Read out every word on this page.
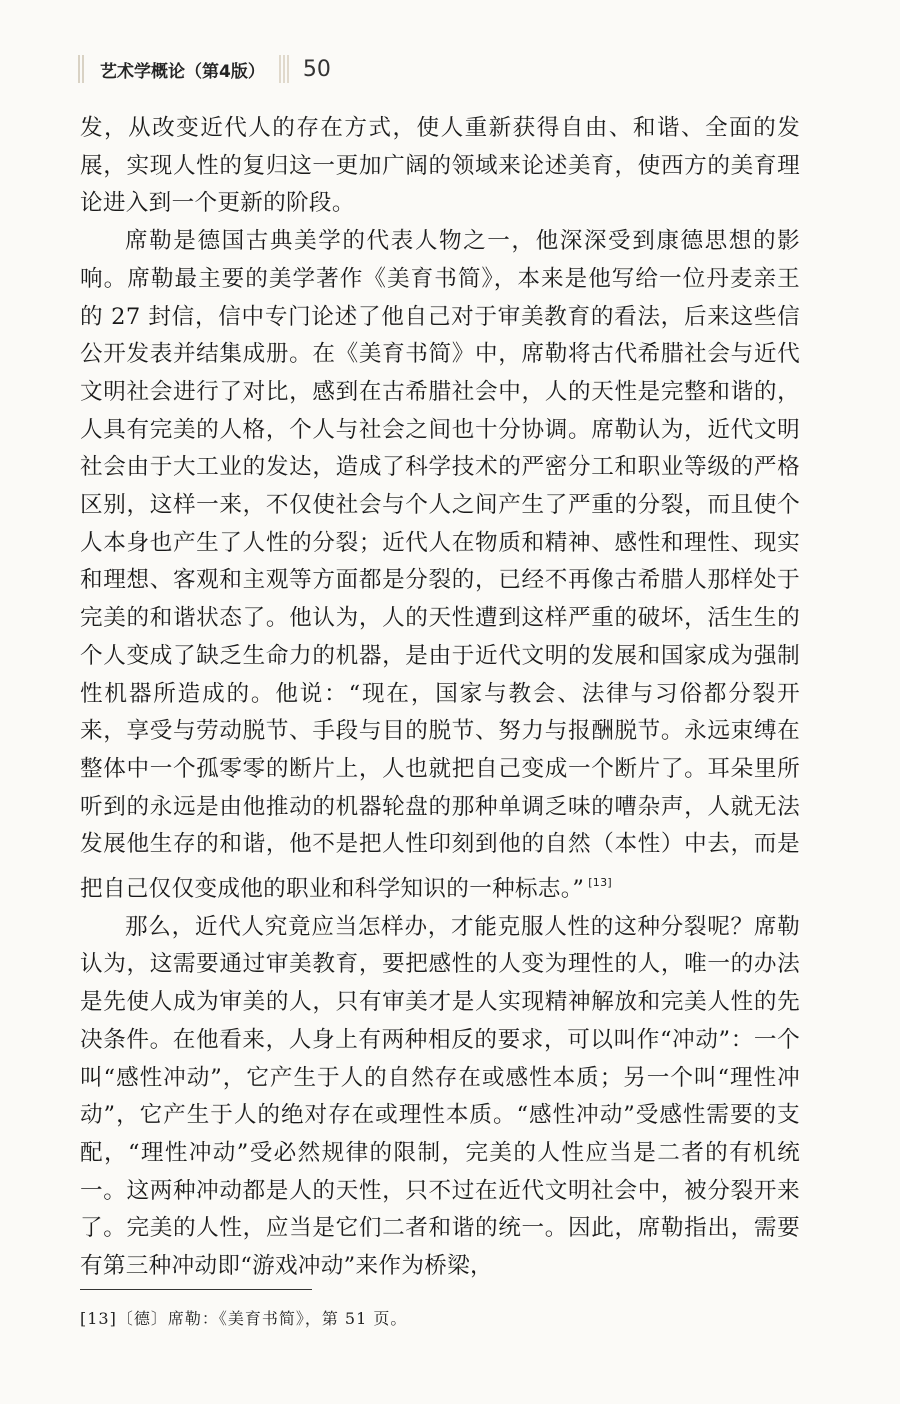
艺术学概论（第4版） 50

发，从改变近代人的存在方式，使人重新获得自由、和谐、全面的发展，实现人性的复归这一更加广阔的领域来论述美育，使西方的美育理论进入到一个更新的阶段。

席勒是德国古典美学的代表人物之一，他深深受到康德思想的影响。席勒最主要的美学著作《美育书简》，本来是他写给一位丹麦亲王的 27 封信，信中专门论述了他自己对于审美教育的看法，后来这些信公开发表并结集成册。在《美育书简》中，席勒将古代希腊社会与近代文明社会进行了对比，感到在古希腊社会中，人的天性是完整和谐的，人具有完美的人格，个人与社会之间也十分协调。席勒认为，近代文明社会由于大工业的发达，造成了科学技术的严密分工和职业等级的严格区别，这样一来，不仅使社会与个人之间产生了严重的分裂，而且使个人本身也产生了人性的分裂；近代人在物质和精神、感性和理性、现实和理想、客观和主观等方面都是分裂的，已经不再像古希腊人那样处于完美的和谐状态了。他认为，人的天性遭到这样严重的破坏，活生生的个人变成了缺乏生命力的机器，是由于近代文明的发展和国家成为强制性机器所造成的。他说：“现在，国家与教会、法律与习俗都分裂开来，享受与劳动脱节、手段与目的脱节、努力与报酬脱节。永远束缚在整体中一个孤零零的断片上，人也就把自己变成一个断片了。耳朵里所听到的永远是由他推动的机器轮盘的那种单调乏味的嘈杂声，人就无法发展他生存的和谐，他不是把人性印刻到他的自然（本性）中去，而是把自己仅仅变成他的职业和科学知识的一种标志。” [13]

那么，近代人究竟应当怎样办，才能克服人性的这种分裂呢？席勒认为，这需要通过审美教育，要把感性的人变为理性的人，唯一的办法是先使人成为审美的人，只有审美才是人实现精神解放和完美人性的先决条件。在他看来，人身上有两种相反的要求，可以叫作“冲动”：一个叫“感性冲动”，它产生于人的自然存在或感性本质；另一个叫“理性冲动”，它产生于人的绝对存在或理性本质。“感性冲动”受感性需要的支配，“理性冲动”受必然规律的限制，完美的人性应当是二者的有机统一。这两种冲动都是人的天性，只不过在近代文明社会中，被分裂开来了。完美的人性，应当是它们二者和谐的统一。因此，席勒指出，需要有第三种冲动即“游戏冲动”来作为桥梁，

[13]〔德〕席勒：《美育书简》，第 51 页。
